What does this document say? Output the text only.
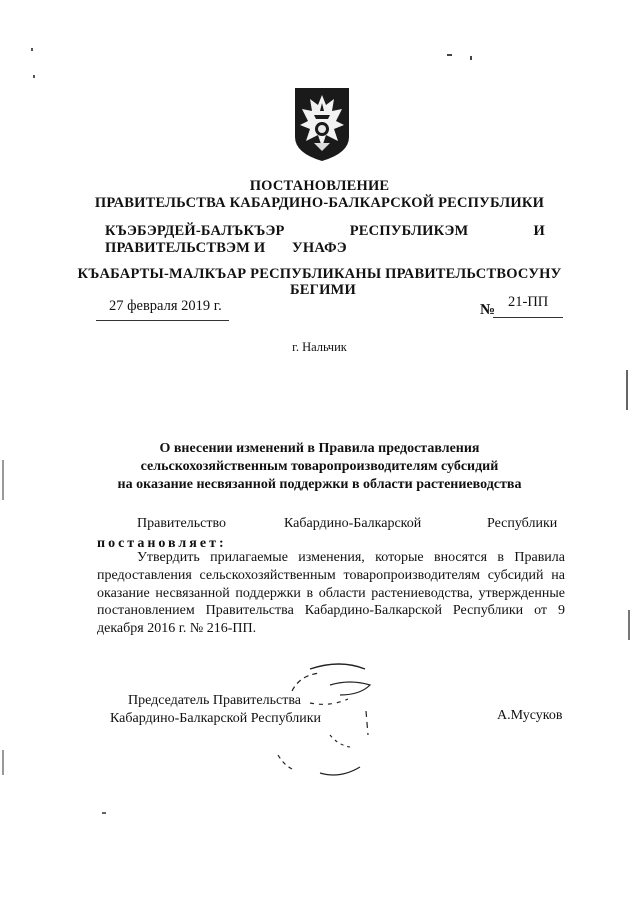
ПОСТАНОВЛЕНИЕ
ПРАВИТЕЛЬСТВА КАБАРДИНО-БАЛКАРСКОЙ РЕСПУБЛИКИ
КЪЭБЭРДЕЙ-БАЛЪКЪЭР РЕСПУБЛИКЭМ И ПРАВИТЕЛЬСТВЭМ И	УНАФЭ
КЪАБАРТЫ-МАЛКЪАР РЕСПУБЛИКАНЫ ПРАВИТЕЛЬСТВОСУНУ
БЕГИМИ
27 февраля 2019 г.	№ 21-ПП
г. Нальчик
О внесении изменений в Правила предоставления
сельскохозяйственным товаропроизводителям субсидий
на оказание несвязанной поддержки в области растениеводства
Правительство	Кабардино-Балкарской	Республики
постановляет:
Утвердить прилагаемые изменения, которые вносятся в Правила предоставления сельскохозяйственным товаропроизводителям субсидий на оказание несвязанной поддержки в области растениеводства, утвержденные постановлением Правительства Кабардино-Балкарской Республики от 9 декабря 2016 г. № 216-ПП.
Председатель Правительства
Кабардино-Балкарской Республики	А.Мусуков
